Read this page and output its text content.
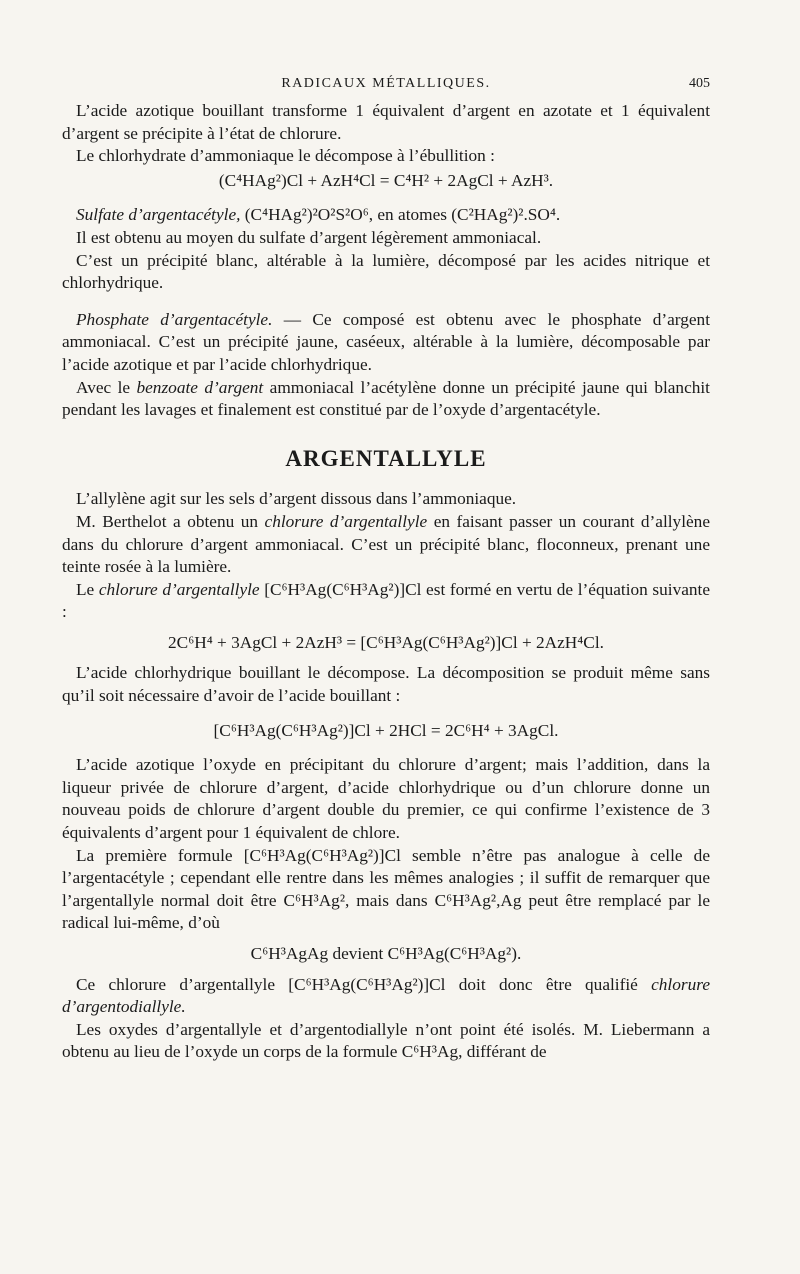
RADICAUX MÉTALLIQUES.	405

L’acide azotique bouillant transforme 1 équivalent d’argent en azotate et 1 équivalent d’argent se précipite à l’état de chlorure.

Le chlorhydrate d’ammoniaque le décompose à l’ébullition :

(C⁴HAg²)Cl + AzH⁴Cl = C⁴H² + 2AgCl + AzH³.

Sulfate d’argentacétyle, (C⁴HAg²)²O²S²O⁶, en atomes (C²HAg²)².SO⁴.

Il est obtenu au moyen du sulfate d’argent légèrement ammoniacal.

C’est un précipité blanc, altérable à la lumière, décomposé par les acides nitrique et chlorhydrique.

Phosphate d’argentacétyle. — Ce composé est obtenu avec le phosphate d’argent ammoniacal. C’est un précipité jaune, caséeux, altérable à la lumière, décomposable par l’acide azotique et par l’acide chlorhydrique.

Avec le benzoate d’argent ammoniacal l’acétylène donne un précipité jaune qui blanchit pendant les lavages et finalement est constitué par de l’oxyde d’argentacétyle.

ARGENTALLYLE

L’allylène agit sur les sels d’argent dissous dans l’ammoniaque.

M. Berthelot a obtenu un chlorure d’argentallyle en faisant passer un courant d’allylène dans du chlorure d’argent ammoniacal. C’est un précipité blanc, floconneux, prenant une teinte rosée à la lumière.

Le chlorure d’argentallyle [C⁶H³Ag(C⁶H³Ag²)]Cl est formé en vertu de l’équation suivante :

2C⁶H⁴ + 3AgCl + 2AzH³ = [C⁶H³Ag(C⁶H³Ag²)]Cl + 2AzH⁴Cl.

L’acide chlorhydrique bouillant le décompose. La décomposition se produit même sans qu’il soit nécessaire d’avoir de l’acide bouillant :

[C⁶H³Ag(C⁶H³Ag²)]Cl + 2HCl = 2C⁶H⁴ + 3AgCl.

L’acide azotique l’oxyde en précipitant du chlorure d’argent; mais l’addition, dans la liqueur privée de chlorure d’argent, d’acide chlorhydrique ou d’un chlorure donne un nouveau poids de chlorure d’argent double du premier, ce qui confirme l’existence de 3 équivalents d’argent pour 1 équivalent de chlore.

La première formule [C⁶H³Ag(C⁶H³Ag²)]Cl semble n’être pas analogue à celle de l’argentacétyle ; cependant elle rentre dans les mêmes analogies ; il suffit de remarquer que l’argentallyle normal doit être C⁶H³Ag², mais dans C⁶H³Ag²,Ag peut être remplacé par le radical lui-même, d’où

C⁶H³AgAg devient C⁶H³Ag(C⁶H³Ag²).

Ce chlorure d’argentallyle [C⁶H³Ag(C⁶H³Ag²)]Cl doit donc être qualifié chlorure d’argentodiallyle.

Les oxydes d’argentallyle et d’argentodiallyle n’ont point été isolés. M. Liebermann a obtenu au lieu de l’oxyde un corps de la formule C⁶H³Ag, différant de
